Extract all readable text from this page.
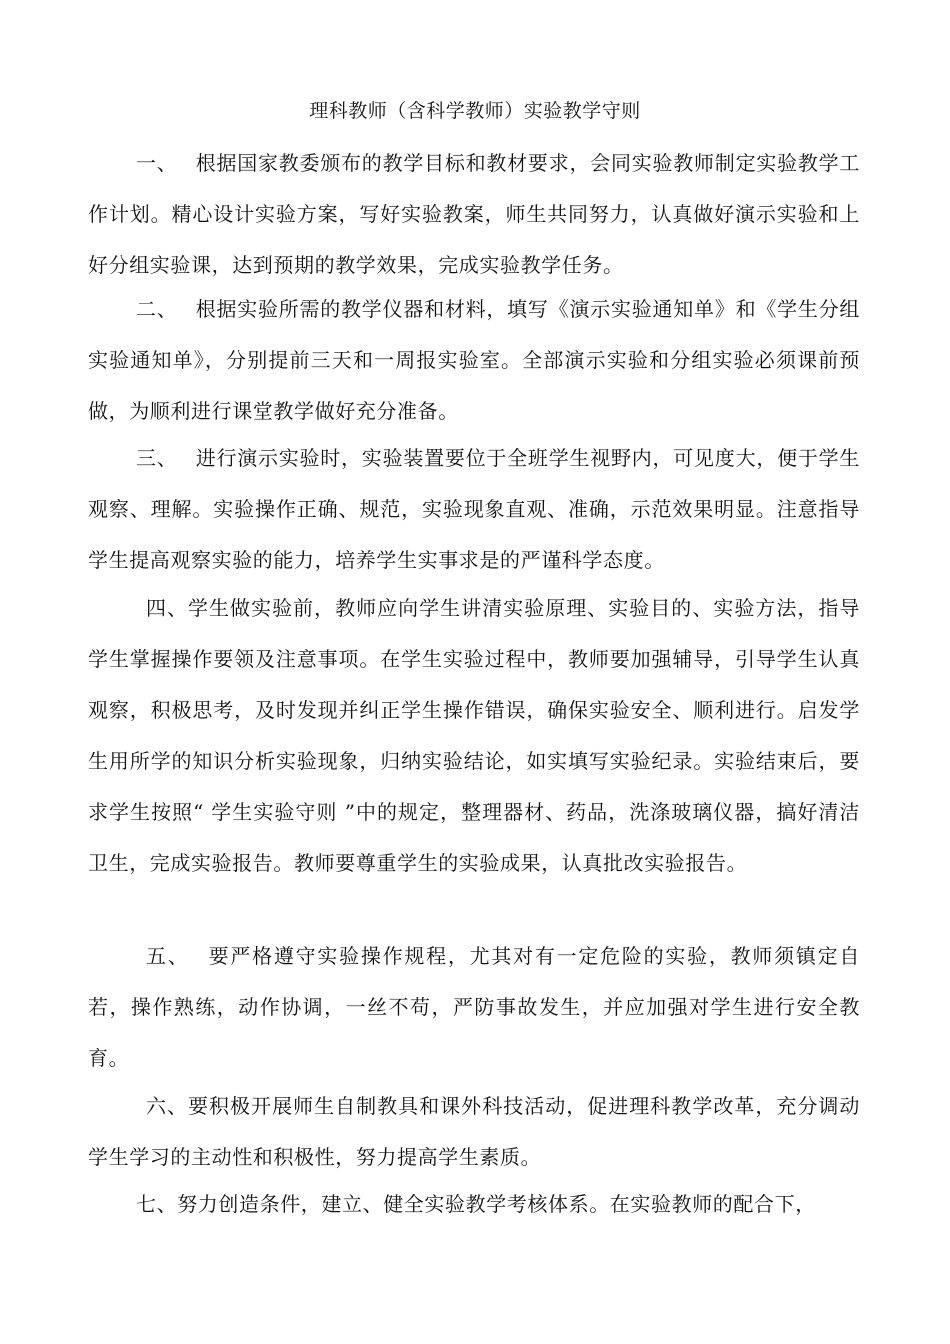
理科教师（含科学教师）实验教学守则
一、 根据国家教委颁布的教学目标和教材要求，会同实验教师制定实验教学工作计划。精心设计实验方案，写好实验教案，师生共同努力，认真做好演示实验和上好分组实验课，达到预期的教学效果，完成实验教学任务。
二、 根据实验所需的教学仪器和材料，填写《演示实验通知单》和《学生分组实验通知单》，分别提前三天和一周报实验室。全部演示实验和分组实验必须课前预做，为顺利进行课堂教学做好充分准备。
三、 进行演示实验时，实验装置要位于全班学生视野内，可见度大，便于学生观察、理解。实验操作正确、规范，实验现象直观、准确，示范效果明显。注意指导学生提高观察实验的能力，培养学生实事求是的严谨科学态度。
四、学生做实验前，教师应向学生讲清实验原理、实验目的、实验方法，指导学生掌握操作要领及注意事项。在学生实验过程中，教师要加强辅导，引导学生认真观察，积极思考，及时发现并纠正学生操作错误，确保实验安全、顺利进行。启发学生用所学的知识分析实验现象，归纳实验结论，如实填写实验纪录。实验结束后，要求学生按照“ 学生实验守则 ”中的规定，整理器材、药品，洗涤玻璃仪器，搞好清洁卫生，完成实验报告。教师要尊重学生的实验成果，认真批改实验报告。
五、 要严格遵守实验操作规程，尤其对有一定危险的实验，教师须镇定自若，操作熟练，动作协调，一丝不苟，严防事故发生，并应加强对学生进行安全教育。
六、要积极开展师生自制教具和课外科技活动，促进理科教学改革，充分调动学生学习的主动性和积极性，努力提高学生素质。
七、努力创造条件，建立、健全实验教学考核体系。在实验教师的配合下，
